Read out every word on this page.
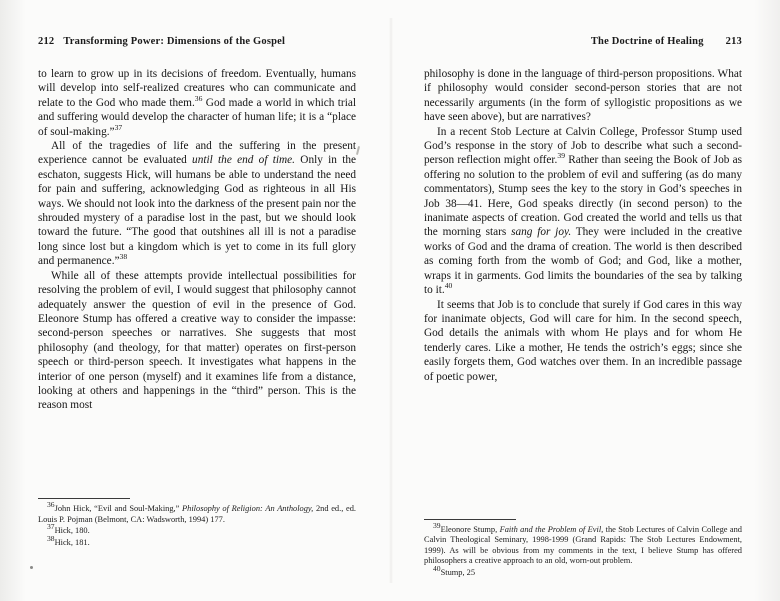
212 Transforming Power: Dimensions of the Gospel

to learn to grow up in its decisions of freedom. Eventually, humans will develop into self-realized creatures who can communicate and relate to the God who made them.$^{36}$ God made a world in which trial and suffering would develop the character of human life; it is a “place of soul-making.”$^{37}$

All of the tragedies of life and the suffering in the present experience cannot be evaluated until the end of time. Only in the eschaton, suggests Hick, will humans be able to understand the need for pain and suffering, acknowledging God as righteous in all His ways. We should not look into the darkness of the present pain nor the shrouded mystery of a paradise lost in the past, but we should look toward the future. “The good that outshines all ill is not a paradise long since lost but a kingdom which is yet to come in its full glory and permanence.”$^{38}$

While all of these attempts provide intellectual possibilities for resolving the problem of evil, I would suggest that philosophy cannot adequately answer the question of evil in the presence of God. Eleonore Stump has offered a creative way to consider the impasse: second-person speeches or narratives. She suggests that most philosophy (and theology, for that matter) operates on first-person speech or third-person speech. It investigates what happens in the interior of one person (myself) and it examines life from a distance, looking at others and happenings in the “third” person. This is the reason most

36John Hick, “Evil and Soul-Making,” Philosophy of Religion: An Anthology, 2nd ed., ed. Louis P. Pojman (Belmont, CA: Wadsworth, 1994) 177.

37Hick, 180.

38Hick, 181.

The Doctrine of Healing 213

philosophy is done in the language of third-person propositions. What if philosophy would consider second-person stories that are not necessarily arguments (in the form of syllogistic propositions as we have seen above), but are narratives?

In a recent Stob Lecture at Calvin College, Professor Stump used God’s response in the story of Job to describe what such a second-person reflection might offer.$^{39}$ Rather than seeing the Book of Job as offering no solution to the problem of evil and suffering (as do many commentators), Stump sees the key to the story in God’s speeches in Job 38—41. Here, God speaks directly (in second person) to the inanimate aspects of creation. God created the world and tells us that the morning stars sang for joy. They were included in the creative works of God and the drama of creation. The world is then described as coming forth from the womb of God; and God, like a mother, wraps it in garments. God limits the boundaries of the sea by talking to it.$^{40}$

It seems that Job is to conclude that surely if God cares in this way for inanimate objects, God will care for him. In the second speech, God details the animals with whom He plays and for whom He tenderly cares. Like a mother, He tends the ostrich’s eggs; since she easily forgets them, God watches over them. In an incredible passage of poetic power,

39Eleonore Stump, Faith and the Problem of Evil, the Stob Lectures of Calvin College and Calvin Theological Seminary, 1998-1999 (Grand Rapids: The Stob Lectures Endowment, 1999). As will be obvious from my comments in the text, I believe Stump has offered philosophers a creative approach to an old, worn-out problem.

40Stump, 25
